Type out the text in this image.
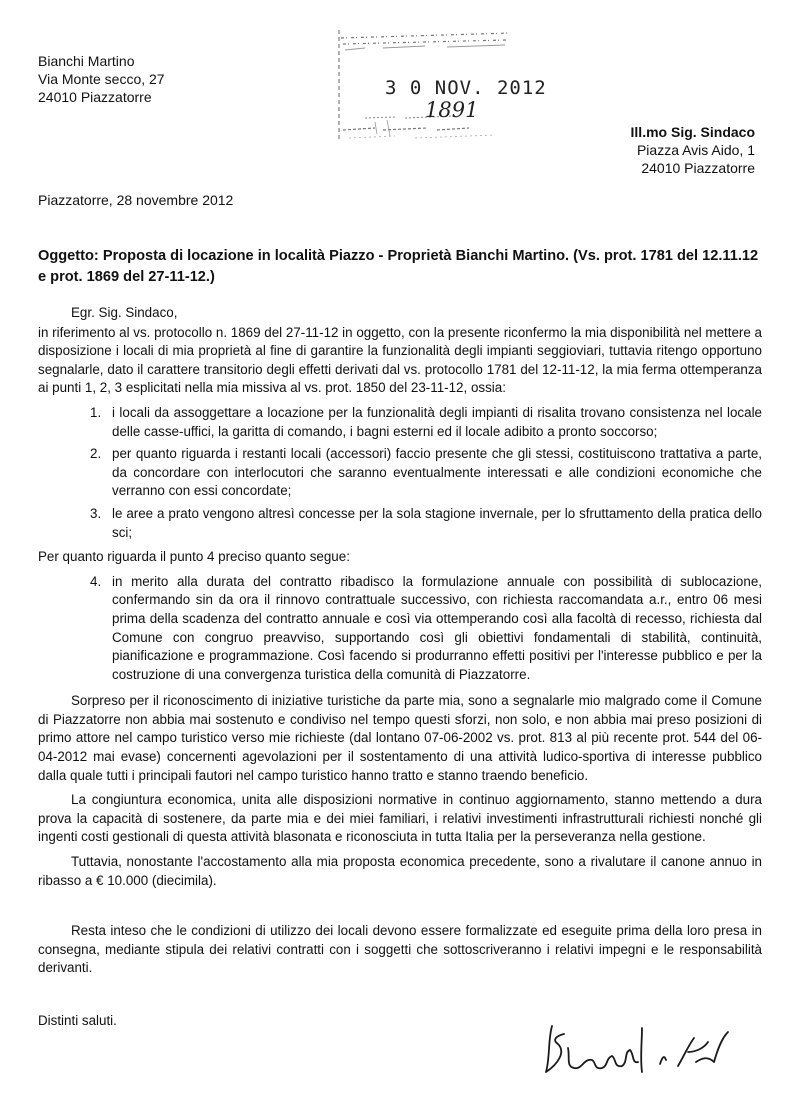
Bianchi Martino
Via Monte secco, 27
24010 Piazzatorre	3 0 NOV. 2012
1891
Ill.mo Sig. Sindaco
Piazza Avis Aido, 1
24010 Piazzatorre
Piazzatorre, 28 novembre 2012
Oggetto: Proposta di locazione in località Piazzo - Proprietà Bianchi Martino. (Vs. prot. 1781 del 12.11.12 e prot. 1869 del 27-11-12.)

Egr. Sig. Sindaco,

in riferimento al vs. protocollo n. 1869 del 27-11-12 in oggetto, con la presente riconfermo la mia disponibilità nel mettere a disposizione i locali di mia proprietà al fine di garantire la funzionalità degli impianti seggioviari, tuttavia ritengo opportuno segnalarle, dato il carattere transitorio degli effetti derivati dal vs. protocollo 1781 del 12-11-12, la mia ferma ottemperanza ai punti 1, 2, 3 esplicitati nella mia missiva al vs. prot. 1850 del 23-11-12, ossia:

1. i locali da assoggettare a locazione per la funzionalità degli impianti di risalita trovano consistenza nel locale delle casse-uffici, la garitta di comando, i bagni esterni ed il locale adibito a pronto soccorso;
2. per quanto riguarda i restanti locali (accessori) faccio presente che gli stessi, costituiscono trattativa a parte, da concordare con interlocutori che saranno eventualmente interessati e alle condizioni economiche che verranno con essi concordate;
3. le aree a prato vengono altresì concesse per la sola stagione invernale, per lo sfruttamento della pratica dello sci;

Per quanto riguarda il punto 4 preciso quanto segue:

4. in merito alla durata del contratto ribadisco la formulazione annuale con possibilità di sublocazione, confermando sin da ora il rinnovo contrattuale successivo, con richiesta raccomandata a.r., entro 06 mesi prima della scadenza del contratto annuale e così via ottemperando così alla facoltà di recesso, richiesta dal Comune con congruo preavviso, supportando così gli obiettivi fondamentali di stabilità, continuità, pianificazione e programmazione. Così facendo si produrranno effetti positivi per l'interesse pubblico e per la costruzione di una convergenza turistica della comunità di Piazzatorre.

Sorpreso per il riconoscimento di iniziative turistiche da parte mia, sono a segnalarle mio malgrado come il Comune di Piazzatorre non abbia mai sostenuto e condiviso nel tempo questi sforzi, non solo, e non abbia mai preso posizioni di primo attore nel campo turistico verso mie richieste (dal lontano 07-06-2002 vs. prot. 813 al più recente prot. 544 del 06-04-2012 mai evase) concernenti agevolazioni per il sostentamento di una attività ludico-sportiva di interesse pubblico dalla quale tutti i principali fautori nel campo turistico hanno tratto e stanno traendo beneficio.

La congiuntura economica, unita alle disposizioni normative in continuo aggiornamento, stanno mettendo a dura prova la capacità di sostenere, da parte mia e dei miei familiari, i relativi investimenti infrastrutturali richiesti nonché gli ingenti costi gestionali di questa attività blasonata e riconosciuta in tutta Italia per la perseveranza nella gestione.

Tuttavia, nonostante l'accostamento alla mia proposta economica precedente, sono a rivalutare il canone annuo in ribasso a € 10.000 (diecimila).

Resta inteso che le condizioni di utilizzo dei locali devono essere formalizzate ed eseguite prima della loro presa in consegna, mediante stipula dei relativi contratti con i soggetti che sottoscriveranno i relativi impegni e le responsabilità derivanti.

Distinti saluti.
